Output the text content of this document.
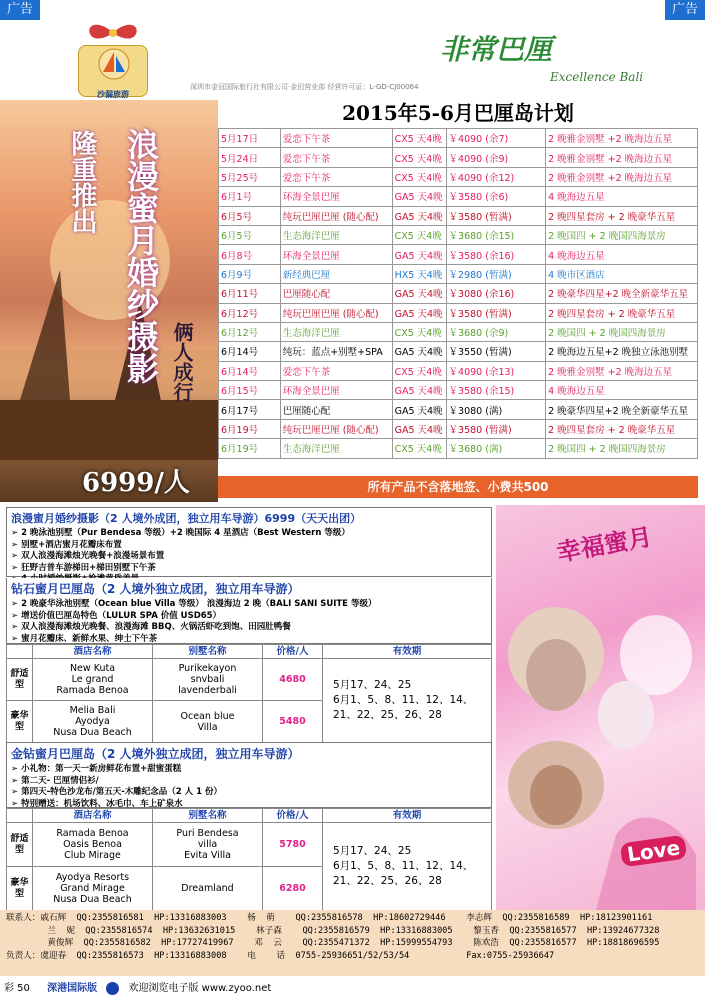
广告	广告
沙漏旅游
非常巴厘
Excellence Bali
深圳市金冠国际旅行社有限公司·金田营业部 经营许可证：L-GD-CJ00064
2015年5-6月巴厘岛计划
隆重推出 浪漫蜜月婚纱摄影 俩人成行
6999/人
5月17日	爱恋下午茶	CX5 天4晚	￥4090 (余7)	2 晚雅金别墅 +2 晚海边五星
5月24日	爱恋下午茶	CX5 天4晚	￥4090 (余9)	2 晚雅金别墅 +2 晚海边五星
5月25号	爱恋下午茶	CX5 天4晚	￥4090 (余12)	2 晚雅金别墅 +2 晚海边五星
6月1号	环海全景巴厘	GA5 天4晚	￥3580 (余6)	4 晚海边五星
6月5号	纯玩巴厘巴厘 (随心配)	GA5 天4晚	￥3580 (暂满)	2 晚四星套房 + 2 晚豪华五星
6月5号	生态海洋巴厘	CX5 天4晚	￥3680 (余15)	2 晚国四 + 2 晚国四海景房
6月8号	环海全景巴厘	GA5 天4晚	￥3580 (余16)	4 晚海边五星
6月9号	新经典巴厘	HX5 天4晚	￥2980 (暂满)	4 晚市区酒店
6月11号	巴厘随心配	GA5 天4晚	￥3080 (余16)	2 晚豪华四星+2 晚全新豪华五星
6月12号	纯玩巴厘巴厘 (随心配)	GA5 天4晚	￥3580 (暂满)	2 晚四星套房 + 2 晚豪华五星
6月12号	生态海洋巴厘	CX5 天4晚	￥3680 (余9)	2 晚国四 + 2 晚国四海景房
6月14号	纯玩：蓝点+别墅+SPA	GA5 天4晚	￥3550 (暂满)	2 晚海边五星+2 晚独立泳池别墅
6月14号	爱恋下午茶	CX5 天4晚	￥4090 (余13)	2 晚雅金别墅 +2 晚海边五星
6月15号	环海全景巴厘	GA5 天4晚	￥3580 (余15)	4 晚海边五星
6月17号	巴厘随心配	GA5 天4晚	￥3080 (满)	2 晚豪华四星+2 晚全新豪华五星
6月19号	纯玩巴厘巴厘 (随心配)	GA5 天4晚	￥3580 (暂满)	2 晚四星套房 + 2 晚豪华五星
6月19号	生态海洋巴厘	CX5 天4晚	￥3680 (满)	2 晚国四 + 2 晚国四海景房
所有产品不含落地签、小费共500
浪漫蜜月婚纱摄影（2 人境外成团，独立用车导游）6999（天天出团）
➢ 2 晚泳池别墅（Pur Bendesa 等级）+2 晚国际 4 星酒店（Best Western 等级）
➢ 别墅+酒店蜜月花瓣床布置
➢ 双人浪漫海滩烛光晚餐+浪漫场景布置
➢ 狂野吉普车游梯田+梯田别墅下午茶
钻石蜜月巴厘岛（2 人境外独立成团，独立用车导游）
➢ 2 晚豪华泳池别墅（Ocean blue Villa 等级） 浪漫海边 2 晚（BALI SANI SUITE 等级）
➢ 增送价值巴厘岛特色（LULUR SPA 价值 USD65）
➢ 双人浪漫海滩烛光晚餐、浪漫海滩 BBQ、火锅活虾吃到饱、田园肚鸭餐
➢ 蜜月花瓣床、新鲜水果、绅士下午茶
	酒店名称	别墅名称	价格/人	有效期
舒适型	New Kuta
Le grand
Ramada Benoa	Purikekayon
snvbali
lavenderbali	4680	5月17、24、25
6月1、5、8、11、12、14、
21、22、25、26、28
豪华型	Melia Bali
Ayodya
Nusa Dua Beach	Ocean blue
Villa	5480	
金钻蜜月巴厘岛（2 人境外独立成团，独立用车导游）
➢ 小礼物：第一天一新房鲜花布置+甜蜜蛋糕
➢ 第二天- 巴厘情侣衫/
➢ 第四天-特色沙龙布/第五天-木雕纪念品（2 人 1 份）
➢ 特别赠送：机场饮料、冰毛巾、车上矿泉水
	酒店名称	别墅名称	价格/人	有效期
舒适型	Ramada Benoa
Oasis Benoa
Club Mirage	Puri Bendesa
villa
Evita Villa	5780	5月17、24、25
6月1、5、8、11、12、14、
21、22、25、26、28
豪华型	Ayodya Resorts
Grand Mirage
Nusa Dua Beach	Dreamland	6280	
幸福蜜月
Love
联系人：戚石辉  QQ:2355816581  HP:13316883003    杨  萌    QQ:2355816578  HP:18602729446    李志辉  QQ:2355816589  HP:18123901161
兰  妮  QQ:2355816574  HP:13632631015    林子森    QQ:2355816579  HP:13316883005    黎玉香  QQ:2355816577  HP:13924677328
黄俊辉  QQ:2355816582  HP:17727419967    邓  云    QQ:2355471372  HP:15999554793    陈欢浩  QQ:2355816577  HP:18818696595
负责人：虞迎春  QQ:2355816573  HP:13316883008    电    话  0755-25936651/52/53/54           Fax:0755-25936647
彩 50 深港国际版	欢迎浏览电子版 www.zyoo.net
